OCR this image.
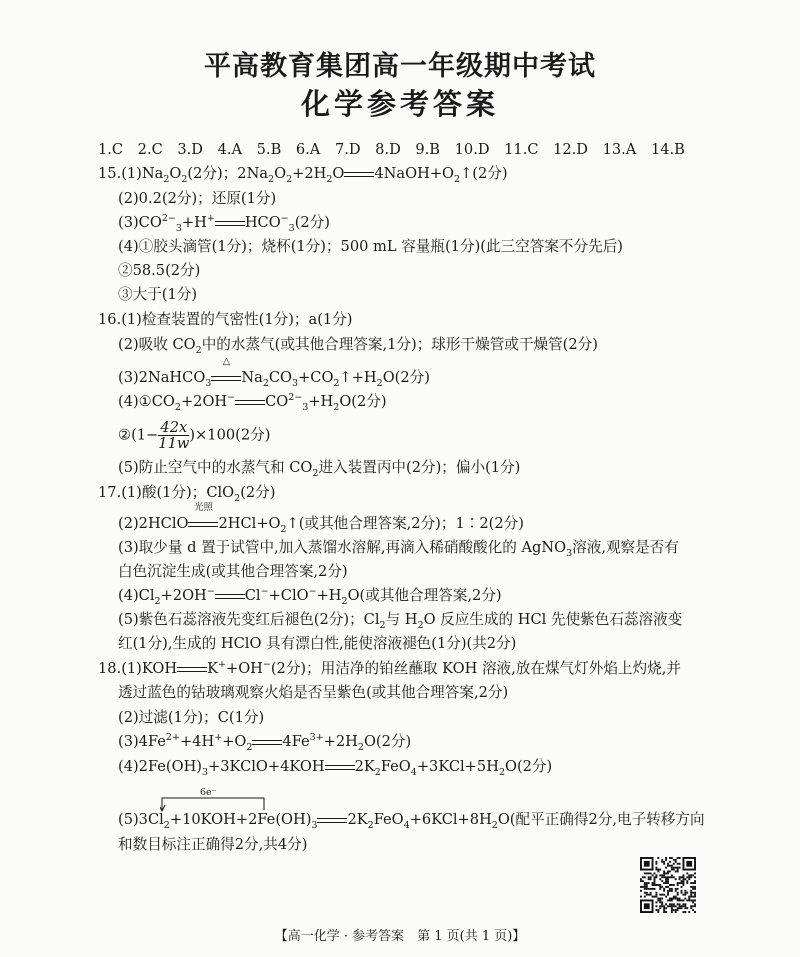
平高教育集团高一年级期中考试
化学参考答案
1.C　2.C　3.D　4.A　5.B　6.A　7.D　8.D　9.B　10.D　11.C　12.D　13.A　14.B
$15.(1)Na_2O_2(2$分)；$2Na_2O_2+2H_2O$ $4NaOH+O_2↑(2$分)
(2)0.2(2分)；还原(1分)
$(3)CO^{2-}_3+H^+$ $HCO^-_3(2$分)
(4)①胶头滴管(1分)；烧杯(1分)；500 mL 容量瓶(1分)(此三空答案不分先后)
②58.5(2分)
③大于(1分)
16.(1)检查装置的气密性(1分)；a(1分)
(2)吸收 $CO_2$中的水蒸气(或其他合理答案,1分)；球形干燥管或干燥管(2分)
(3)2NaHCO$_3$
△
$Na_2CO_3+CO_2↑+H_2O(2$分)
$(4)①CO_2+2OH^-$ $CO^{2-}_3+H_2O(2$分)
②(1− $\frac{42x}{11w} )\times 100(2$分)
(5)防止空气中的水蒸气和 $CO_2$进入装置丙中(2分)；偏小(1分)
17.(1)酸(1分)；ClO$_2$(2分)
(2)2HClO
光照
$2HCl+O_2↑$(或其他合理答案,2分)；1∶2(2分)
(3)取少量 d 置于试管中,加入蒸馏水溶解,再滴入稀硝酸酸化的 AgNO$_3$溶液,观察是否有
白色沉淀生成(或其他合理答案,2分)
$(4)Cl_2+2OH^-$ $Cl^-+ClO^-+H_2O$(或其他合理答案,2分)
(5)紫色石蕊溶液先变红后褪色(2分)；$Cl_2$与 $H_2O$ 反应生成的 HCl 先使紫色石蕊溶液变
红(1分),生成的 HClO 具有漂白性,能使溶液褪色(1分)(共2分)
18.(1)KOH K++OH−(2分)；用洁净的铂丝蘸取 KOH 溶液,放在煤气灯外焰上灼烧,并
透过蓝色的钴玻璃观察火焰是否呈紫色(或其他合理答案,2分)
(2)过滤(1分)；C(1分)
$(3)4Fe^{2+}+4H^++O_2$ $4Fe^{3+}+2H_2O(2$分)
$(4)2Fe(OH)_3+3KClO+4KOH$ $2K_2FeO_4+3KCl+5H_2O(2$分)
6e⁻
$(5)3Cl_2+10KOH+2Fe(OH)_3$ $2K_2FeO_4+6KCl+8H_2O$(配平正确得2分,电子转移方向
和数目标注正确得2分,共4分)
【高一化学 · 参考答案　第 1 页(共 1 页)】
